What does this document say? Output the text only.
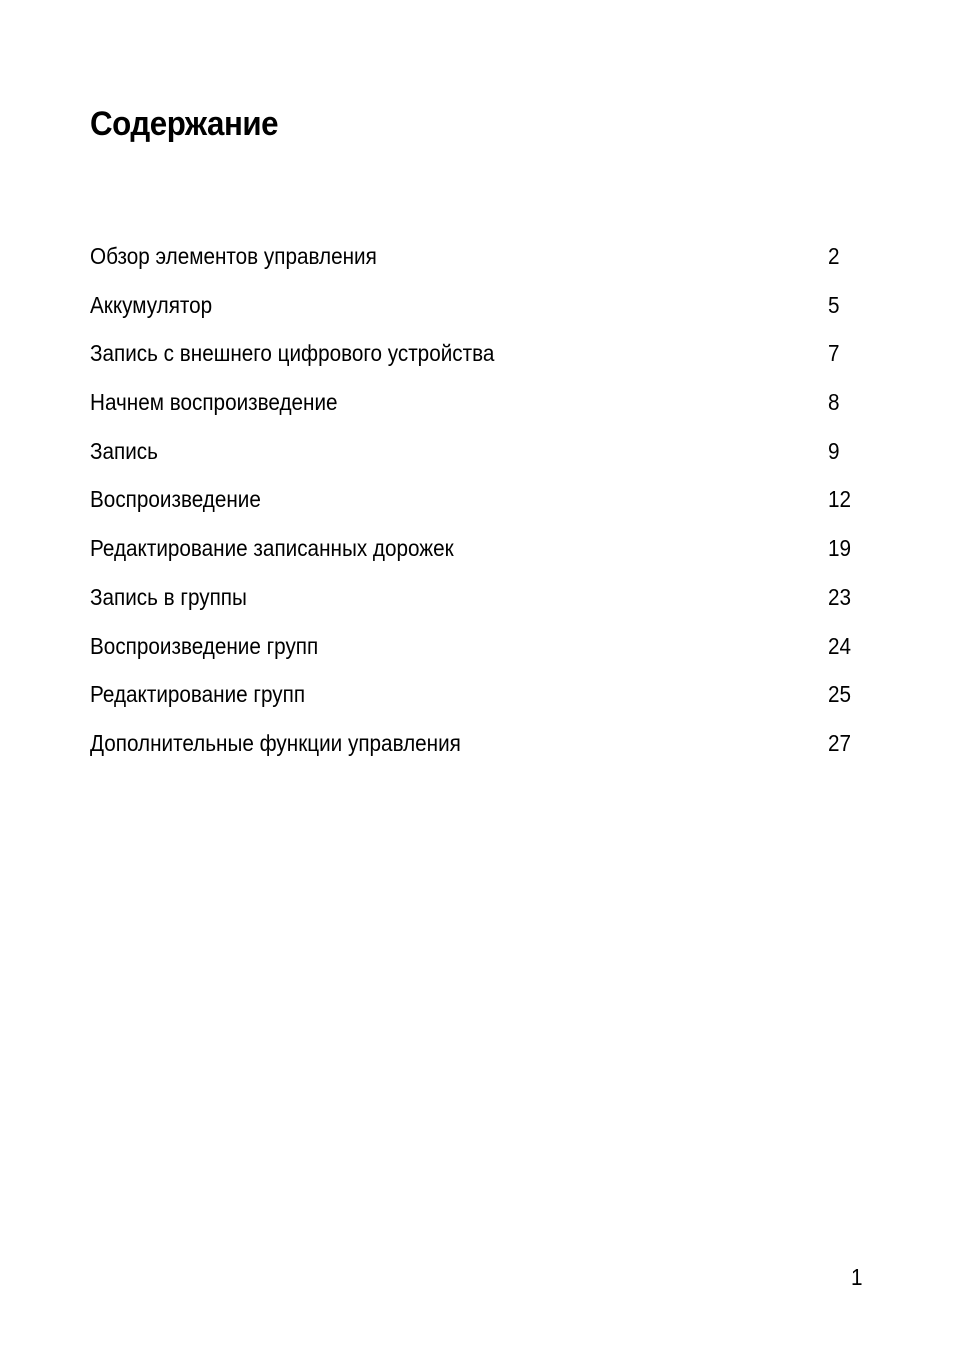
Содержание
Обзор элементов управления	2
Аккумулятор	5
Запись с внешнего цифрового устройства	7
Начнем воспроизведение	8
Запись	9
Воспроизведение	12
Редактирование записанных дорожек	19
Запись в группы	23
Воспроизведение групп	24
Редактирование групп	25
Дополнительные функции управления	27
1
